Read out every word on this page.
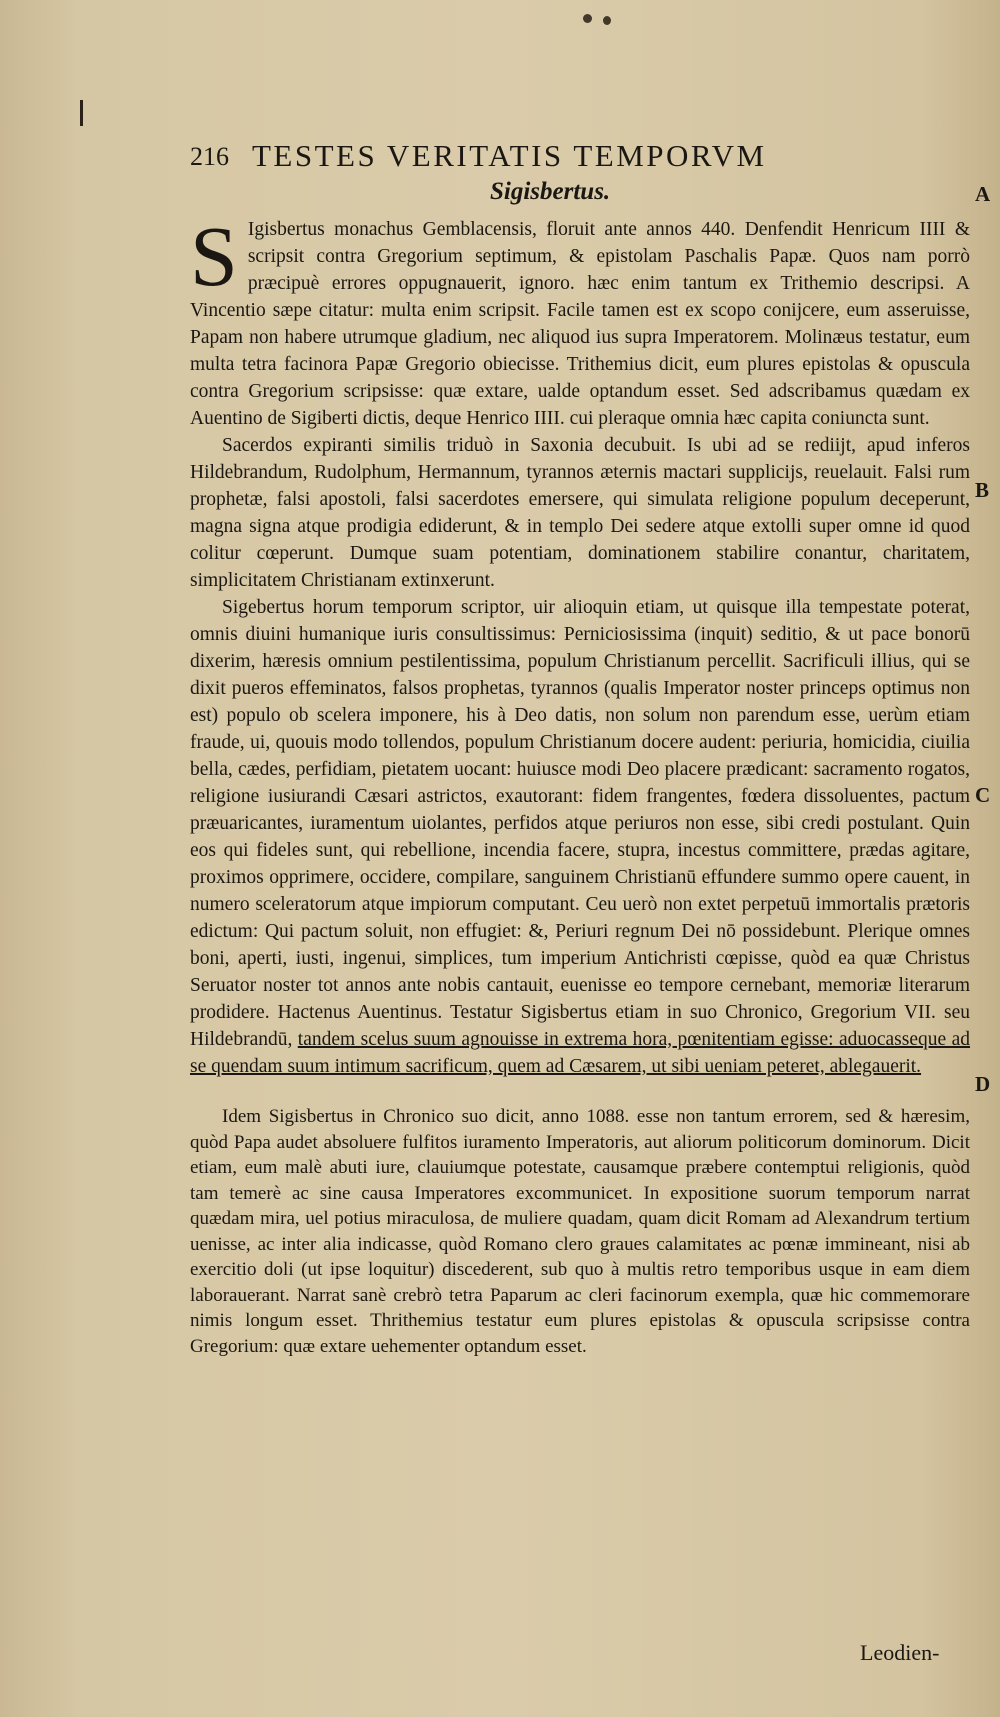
216 TESTES VERITATIS TEMPORVM
Sigisbertus.	A
B
C
D

S Igisbertus monachus Gemblacensis, floruit ante annos 440. Denfendit Henricum IIII & scripsit contra Gregorium septimum, & epistolam Paschalis Papæ. Quos nam porrò præcipuè errores oppugnauerit, ignoro. hæc enim tantum ex Trithemio descripsi. A Vincentio sæpe citatur: multa enim scripsit. Facile tamen est ex scopo conijcere, eum asseruisse, Papam non habere utrumque gladium, nec aliquod ius supra Imperatorem. Molinæus testatur, eum multa tetra facinora Papæ Gregorio obiecisse. Trithemius dicit, eum plures epistolas & opuscula contra Gregorium scripsisse: quæ extare, ualde optandum esset. Sed adscribamus quædam ex Auentino de Sigiberti dictis, deque Henrico IIII. cui pleraque omnia hæc capita coniuncta sunt.

Sacerdos expiranti similis triduò in Saxonia decubuit. Is ubi ad se rediijt, apud inferos Hildebrandum, Rudolphum, Hermannum, tyrannos æternis mactari supplicijs, reuelauit. Falsi rum prophetæ, falsi apostoli, falsi sacerdotes emersere, qui simulata religione populum deceperunt, magna signa atque prodigia ediderunt, & in templo Dei sedere atque extolli super omne id quod colitur cœperunt. Dumque suam potentiam, dominationem stabilire conantur, charitatem, simplicitatem Christianam extinxerunt.

Sigebertus horum temporum scriptor, uir alioquin etiam, ut quisque illa tempestate poterat, omnis diuini humanique iuris consultissimus: Perniciosissima (inquit) seditio, & ut pace bonorū dixerim, hæresis omnium pestilentissima, populum Christianum percellit. Sacrificuli illius, qui se dixit pueros effeminatos, falsos prophetas, tyrannos (qualis Imperator noster princeps optimus non est) populo ob scelera imponere, his à Deo datis, non solum non parendum esse, uerùm etiam fraude, ui, quouis modo tollendos, populum Christianum docere audent: periuria, homicidia, ciuilia bella, cædes, perfidiam, pietatem uocant: huiusce modi Deo placere prædicant: sacramento rogatos, religione iusiurandi Cæsari astrictos, exautorant: fidem frangentes, fœdera dissoluentes, pactum præuaricantes, iuramentum uiolantes, perfidos atque periuros non esse, sibi credi postulant. Quin eos qui fideles sunt, qui rebellione, incendia facere, stupra, incestus committere, prædas agitare, proximos opprimere, occidere, compilare, sanguinem Christianū effundere summo opere cauent, in numero sceleratorum atque impiorum computant. Ceu uerò non extet perpetuū immortalis prætoris edictum: Qui pactum soluit, non effugiet: &, Periuri regnum Dei nō possidebunt. Plerique omnes boni, aperti, iusti, ingenui, simplices, tum imperium Antichristi cœpisse, quòd ea quæ Christus Seruator noster tot annos ante nobis cantauit, euenisse eo tempore cernebant, memoriæ literarum prodidere. Hactenus Auentinus. Testatur Sigisbertus etiam in suo Chronico, Gregorium VII. seu Hildebrandū, tandem scelus suum agnouisse in extrema hora, pœnitentiam egisse: aduocasseque ad se quendam suum intimum sacrificum, quem ad Cæsarem, ut sibi ueniam peteret, ablegauerit.

Idem Sigisbertus in Chronico suo dicit, anno 1088. esse non tantum errorem, sed & hæresim, quòd Papa audet absoluere fulfitos iuramento Imperatoris, aut aliorum politicorum dominorum. Dicit etiam, eum malè abuti iure, clauiumque potestate, causamque præbere contemptui religionis, quòd tam temerè ac sine causa Imperatores excommunicet. In expositione suorum temporum narrat quædam mira, uel potius miraculosa, de muliere quadam, quam dicit Romam ad Alexandrum tertium uenisse, ac inter alia indicasse, quòd Romano clero graues calamitates ac pœnæ immineant, nisi ab exercitio doli (ut ipse loquitur) discederent, sub quo à multis retro temporibus usque in eam diem laborauerant. Narrat sanè crebrò tetra Paparum ac cleri facinorum exempla, quæ hic commemorare nimis longum esset. Thrithemius testatur eum plures epistolas & opuscula scripsisse contra Gregorium: quæ extare uehementer optandum esset.

Leodien-
